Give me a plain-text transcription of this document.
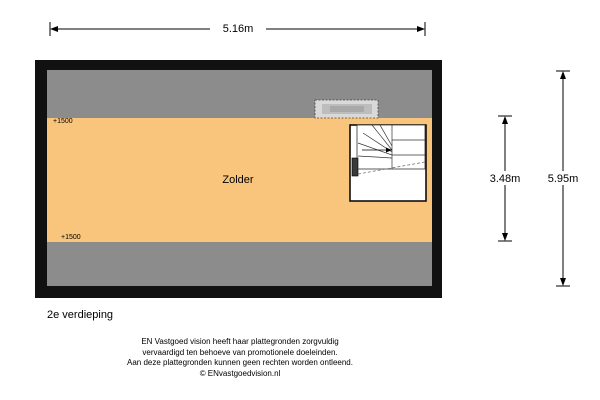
5.16m
+1500
+1500
Zolder	3.48m 5.95m
2e verdieping
EN Vastgoed vision heeft haar plattegronden zorgvuldig
vervaardigd ten behoeve van promotionele doeleinden.
Aan deze plattegronden kunnen geen rechten worden ontleend.
© ENvastgoedvision.nl
